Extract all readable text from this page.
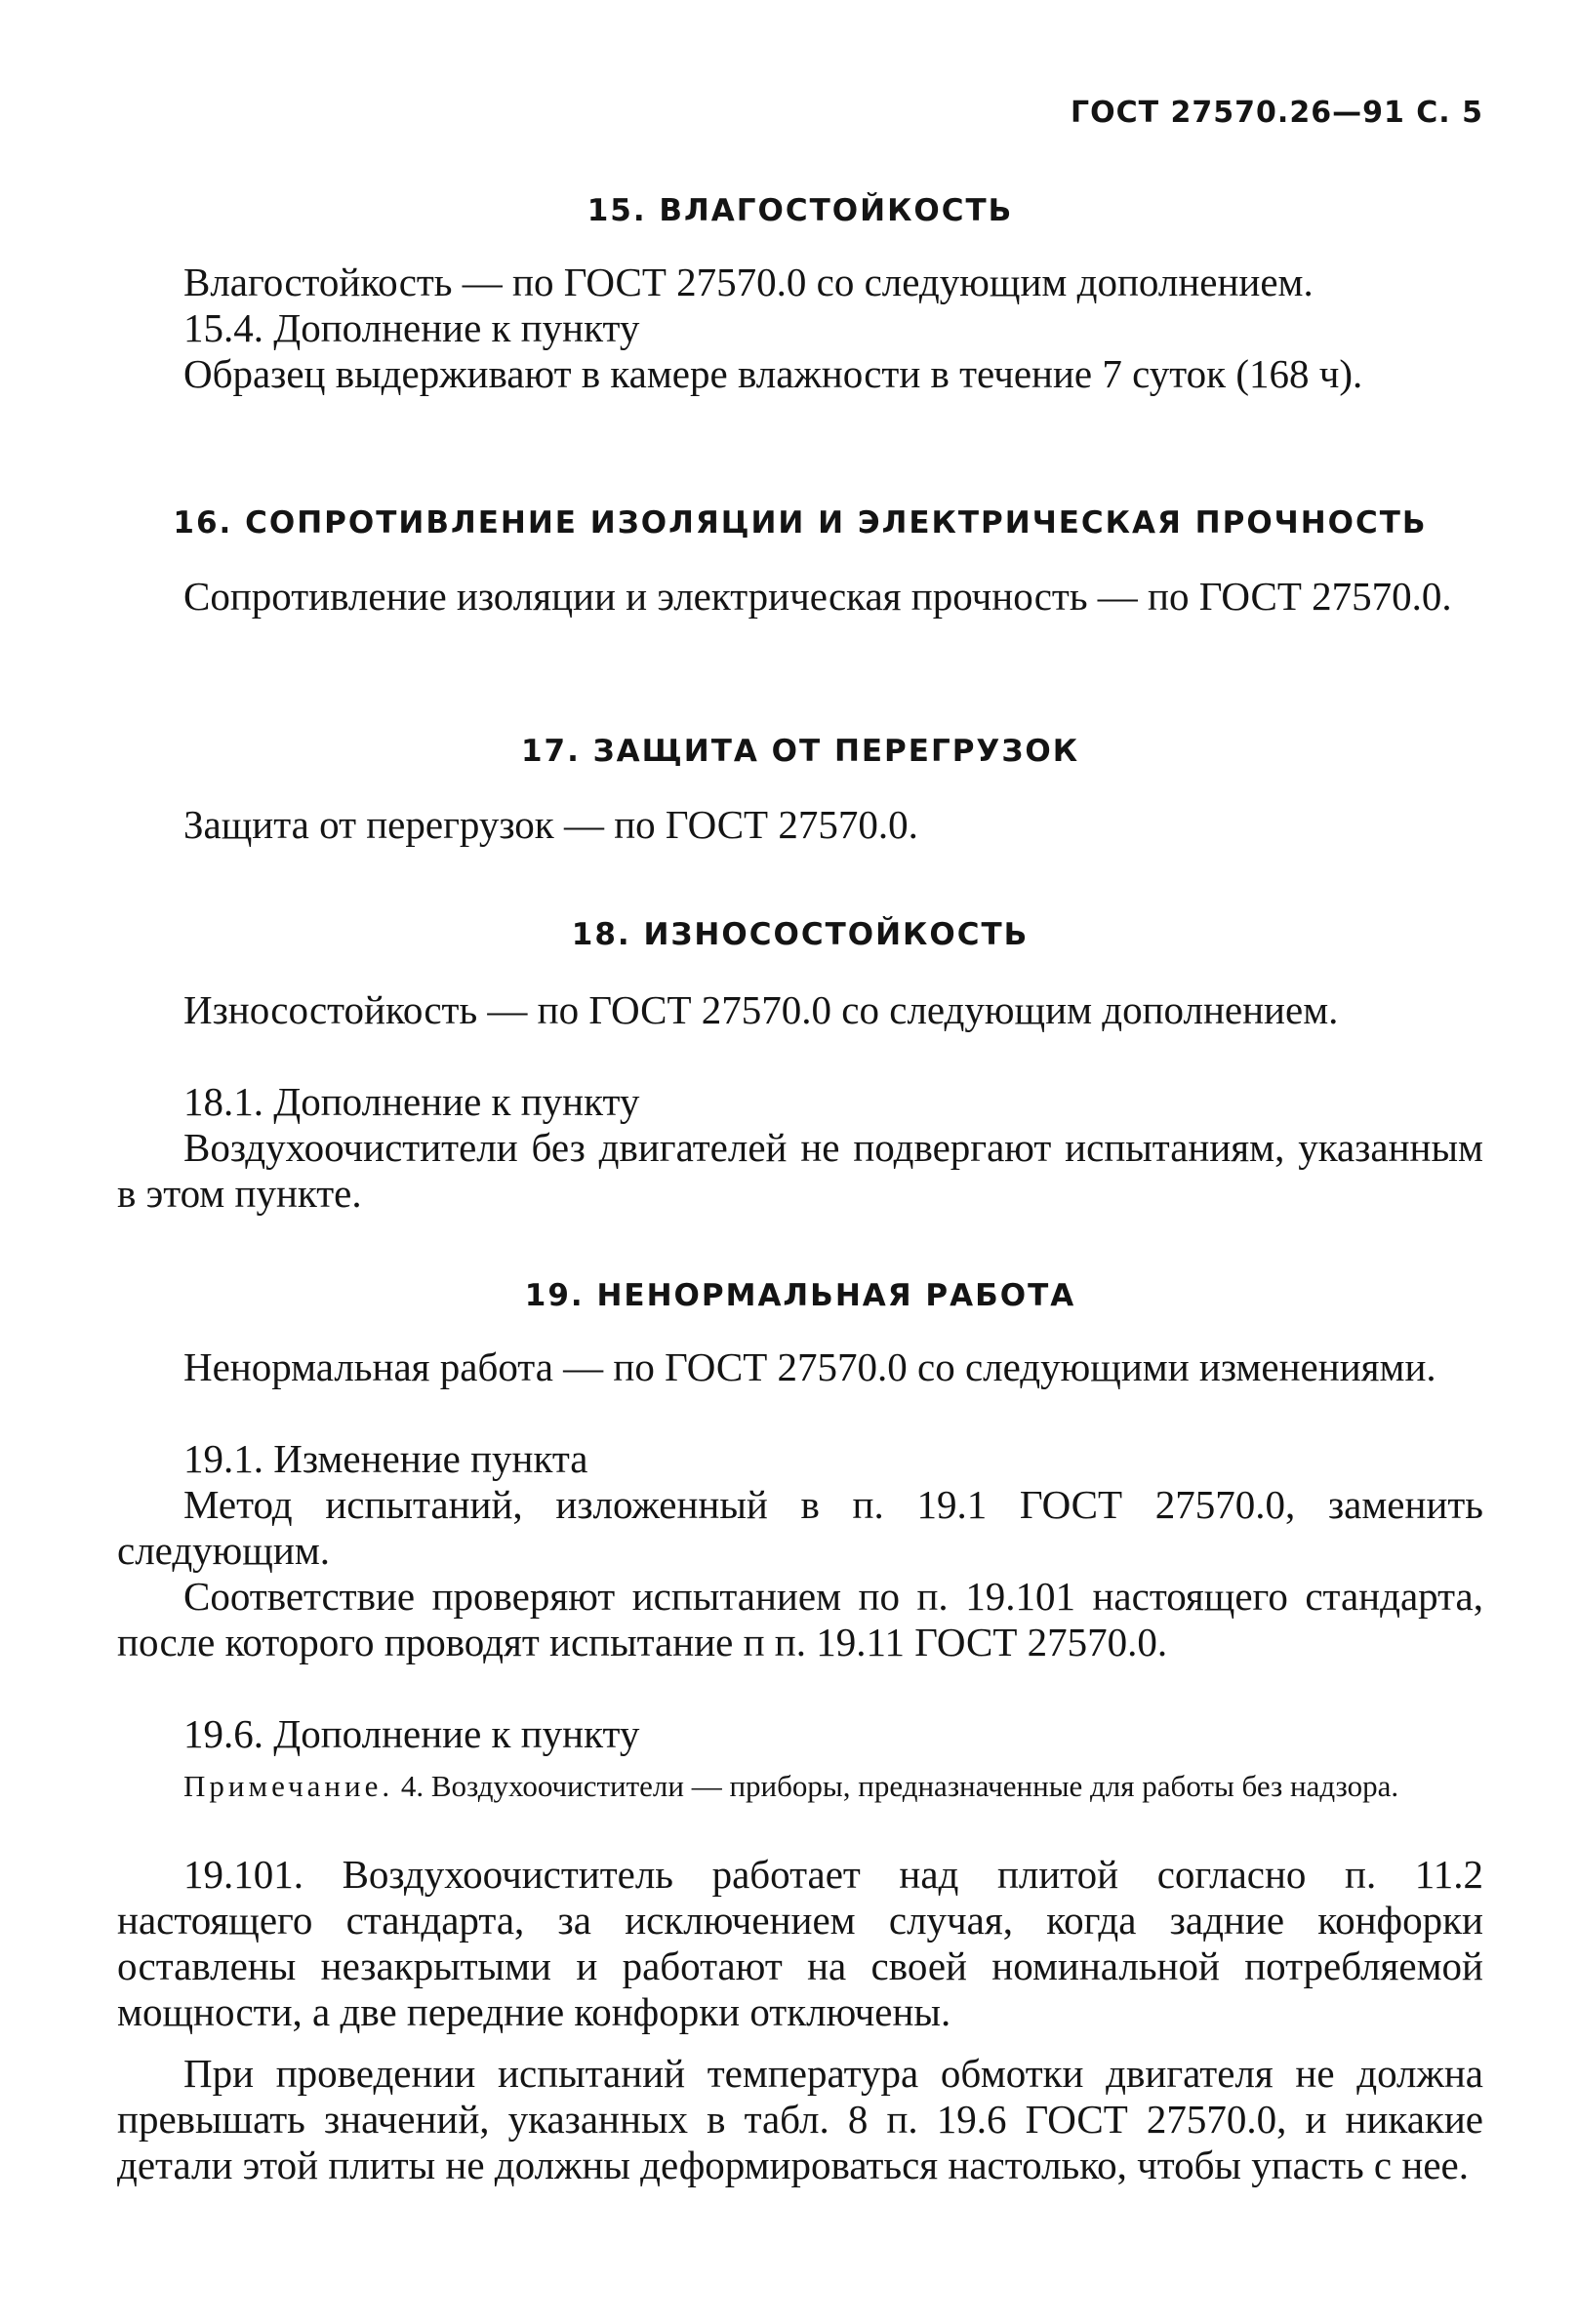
ГОСТ 27570.26—91 С. 5
15. ВЛАГОСТОЙКОСТЬ
Влагостойкость — по ГОСТ 27570.0 со следующим дополнением.
15.4. Дополнение к пункту
Образец выдерживают в камере влажности в течение 7 суток (168 ч).
16. СОПРОТИВЛЕНИЕ ИЗОЛЯЦИИ И ЭЛЕКТРИЧЕСКАЯ ПРОЧНОСТЬ
Сопротивление изоляции и электрическая прочность — по ГОСТ 27570.0.
17. ЗАЩИТА ОТ ПЕРЕГРУЗОК
Защита от перегрузок — по ГОСТ 27570.0.
18. ИЗНОСОСТОЙКОСТЬ
Износостойкость — по ГОСТ 27570.0 со следующим дополнением.
18.1. Дополнение к пункту
Воздухоочистители без двигателей не подвергают испытаниям, указанным в этом пункте.
19. НЕНОРМАЛЬНАЯ РАБОТА
Ненормальная работа — по ГОСТ 27570.0 со следующими изменениями.
19.1. Изменение пункта
Метод испытаний, изложенный в п. 19.1 ГОСТ 27570.0, заменить следующим.
Соответствие проверяют испытанием по п. 19.101 настоящего стандарта, после которого проводят испытание п п. 19.11 ГОСТ 27570.0.
19.6. Дополнение к пункту
Примечание. 4. Воздухоочистители — приборы, предназначенные для работы без надзора.
19.101. Воздухоочиститель работает над плитой согласно п. 11.2 настоящего стандарта, за исключением случая, когда задние конфорки оставлены незакрытыми и работают на своей номинальной потребляемой мощности, а две передние конфорки отключены.
При проведении испытаний температура обмотки двигателя не должна превышать значений, указанных в табл. 8 п. 19.6 ГОСТ 27570.0, и никакие детали этой плиты не должны деформироваться настолько, чтобы упасть с нее.
